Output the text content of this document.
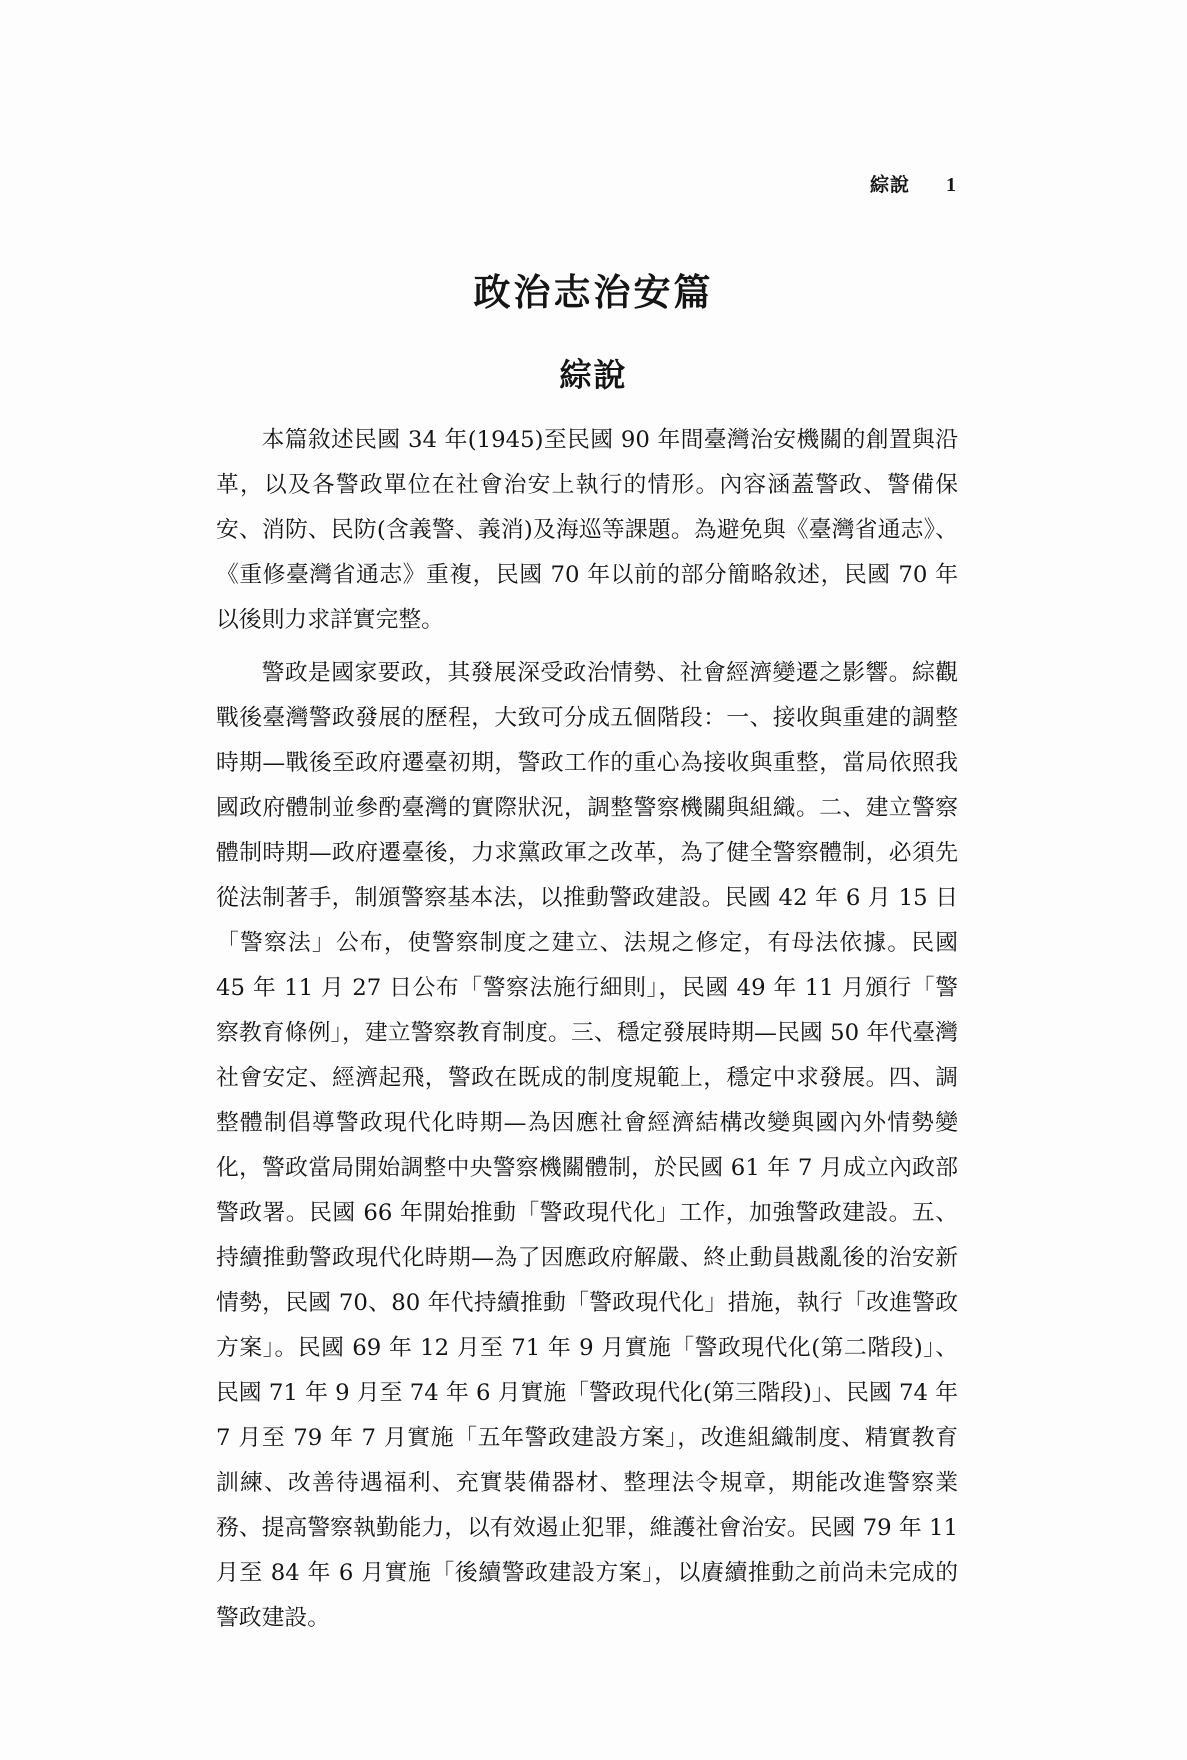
綜說 1
政治志治安篇
綜說

本篇敘述民國 34 年(1945)至民國 90 年間臺灣治安機關的創置與沿革，以及各警政單位在社會治安上執行的情形。內容涵蓋警政、警備保安、消防、民防(含義警、義消)及海巡等課題。為避免與《臺灣省通志》、《重修臺灣省通志》重複，民國 70 年以前的部分簡略敘述，民國 70 年以後則力求詳實完整。

警政是國家要政，其發展深受政治情勢、社會經濟變遷之影響。綜觀戰後臺灣警政發展的歷程，大致可分成五個階段：一、接收與重建的調整時期—戰後至政府遷臺初期，警政工作的重心為接收與重整，當局依照我國政府體制並參酌臺灣的實際狀況，調整警察機關與組織。二、建立警察體制時期—政府遷臺後，力求黨政軍之改革，為了健全警察體制，必須先從法制著手，制頒警察基本法，以推動警政建設。民國 42 年 6 月 15 日「警察法」公布，使警察制度之建立、法規之修定，有母法依據。民國 45 年 11 月 27 日公布「警察法施行細則」，民國 49 年 11 月頒行「警察教育條例」，建立警察教育制度。三、穩定發展時期—民國 50 年代臺灣社會安定、經濟起飛，警政在既成的制度規範上，穩定中求發展。四、調整體制倡導警政現代化時期—為因應社會經濟結構改變與國內外情勢變化，警政當局開始調整中央警察機關體制，於民國 61 年 7 月成立內政部警政署。民國 66 年開始推動「警政現代化」工作，加強警政建設。五、持續推動警政現代化時期—為了因應政府解嚴、終止動員戡亂後的治安新情勢，民國 70、80 年代持續推動「警政現代化」措施，執行「改進警政方案」。民國 69 年 12 月至 71 年 9 月實施「警政現代化(第二階段)」、民國 71 年 9 月至 74 年 6 月實施「警政現代化(第三階段)」、民國 74 年 7 月至 79 年 7 月實施「五年警政建設方案」，改進組織制度、精實教育訓練、改善待遇福利、充實裝備器材、整理法令規章，期能改進警察業務、提高警察執勤能力，以有效遏止犯罪，維護社會治安。民國 79 年 11 月至 84 年 6 月實施「後續警政建設方案」，以賡續推動之前尚未完成的警政建設。
